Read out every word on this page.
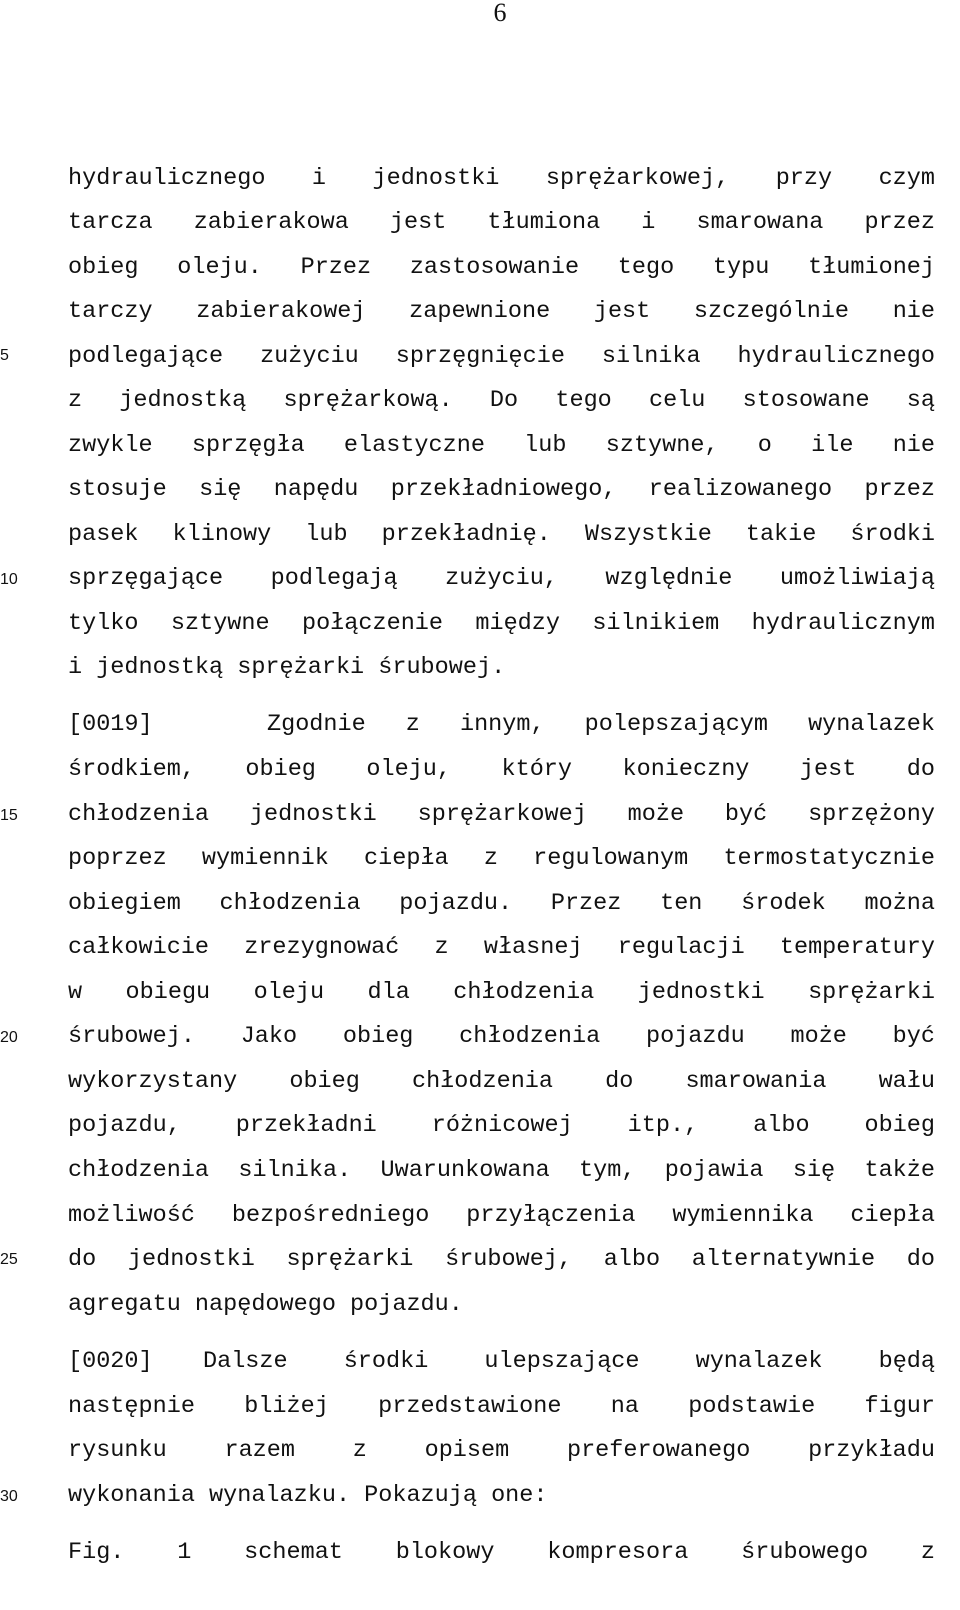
6
5
10
15
20
25
30
hydraulicznego i jednostki sprężarkowej, przy czym
tarcza zabierakowa jest tłumiona i smarowana przez
obieg oleju. Przez zastosowanie tego typu tłumionej
tarczy zabierakowej zapewnione jest szczególnie nie
podlegające zużyciu sprzęgnięcie silnika hydraulicznego
z jednostką sprężarkową. Do tego celu stosowane są
zwykle sprzęgła elastyczne lub sztywne, o ile nie
stosuje się napędu przekładniowego, realizowanego przez
pasek klinowy lub przekładnię. Wszystkie takie środki
sprzęgające podlegają zużyciu, względnie umożliwiają
tylko sztywne połączenie między silnikiem hydraulicznym
i jednostką sprężarki śrubowej.
[0019]	Zgodnie z innym, polepszającym wynalazek
środkiem, obieg oleju, który konieczny jest do
chłodzenia jednostki sprężarkowej może być sprzężony
poprzez wymiennik ciepła z regulowanym termostatycznie
obiegiem chłodzenia pojazdu. Przez ten środek można
całkowicie zrezygnować z własnej regulacji temperatury
w obiegu oleju dla chłodzenia jednostki sprężarki
śrubowej. Jako obieg chłodzenia pojazdu może być
wykorzystany obieg chłodzenia do smarowania wału
pojazdu, przekładni różnicowej itp., albo obieg
chłodzenia silnika. Uwarunkowana tym, pojawia się także
możliwość bezpośredniego przyłączenia wymiennika ciepła
do jednostki sprężarki śrubowej, albo alternatywnie do
agregatu napędowego pojazdu.
[0020] Dalsze środki ulepszające wynalazek będą
następnie bliżej przedstawione na podstawie figur
rysunku razem z opisem preferowanego przykładu
wykonania wynalazku. Pokazują one:
Fig. 1 schemat blokowy kompresora śrubowego z
